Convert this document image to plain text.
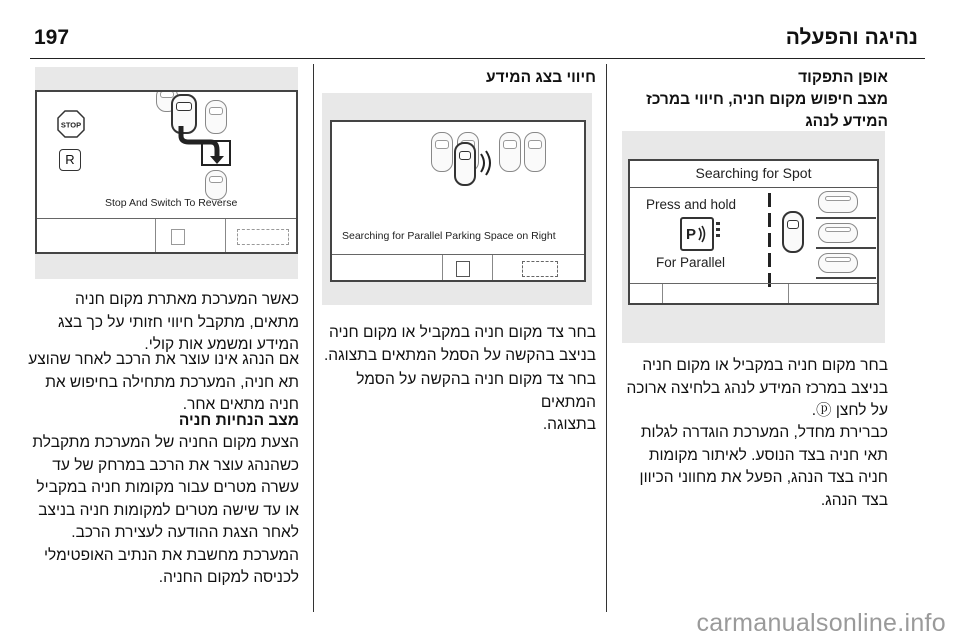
197	נהיגה והפעלה
אופן התפקוד
מצב חיפוש מקום חניה, חיווי במרכז
המידע לנהג
Searching for Spot
Press and hold
P
For Parallel
בחר מקום חניה במקביל או מקום חניה
בניצב במרכז המידע לנהג בלחיצה ארוכה
על לחצן ⓟ.
כברירת מחדל, המערכת הוגדרה לגלות
תאי חניה בצד הנוסע. לאיתור מקומות
חניה בצד הנהג, הפעל את מחווני הכיוון
בצד הנהג.
חיווי בצג המידע
Searching for Parallel Parking Space on Right
בחר צד מקום חניה במקביל או מקום חניה
בניצב בהקשה על הסמל המתאים בתצוגה.
בחר צד מקום חניה בהקשה על הסמל המתאים
בתצוגה.
STOP
R
Stop And Switch To Reverse
כאשר המערכת מאתרת מקום חניה
מתאים, מתקבל חיווי חזותי על כך בצג
המידע ומשמע אות קולי.
אם הנהג אינו עוצר את הרכב לאחר שהוצע
תא חניה, המערכת מתחילה בחיפוש את
חניה מתאים אחר.
מצב הנחיות חניה
הצעת מקום החניה של המערכת מתקבלת
כשהנהג עוצר את הרכב במרחק של עד
עשרה מטרים עבור מקומות חניה במקביל
או עד שישה מטרים למקומות חניה בניצב
לאחר הצגת ההודעה לעצירת הרכב.
המערכת מחשבת את הנתיב האופטימלי
לכניסה למקום החניה.
carmanualsonline.info
